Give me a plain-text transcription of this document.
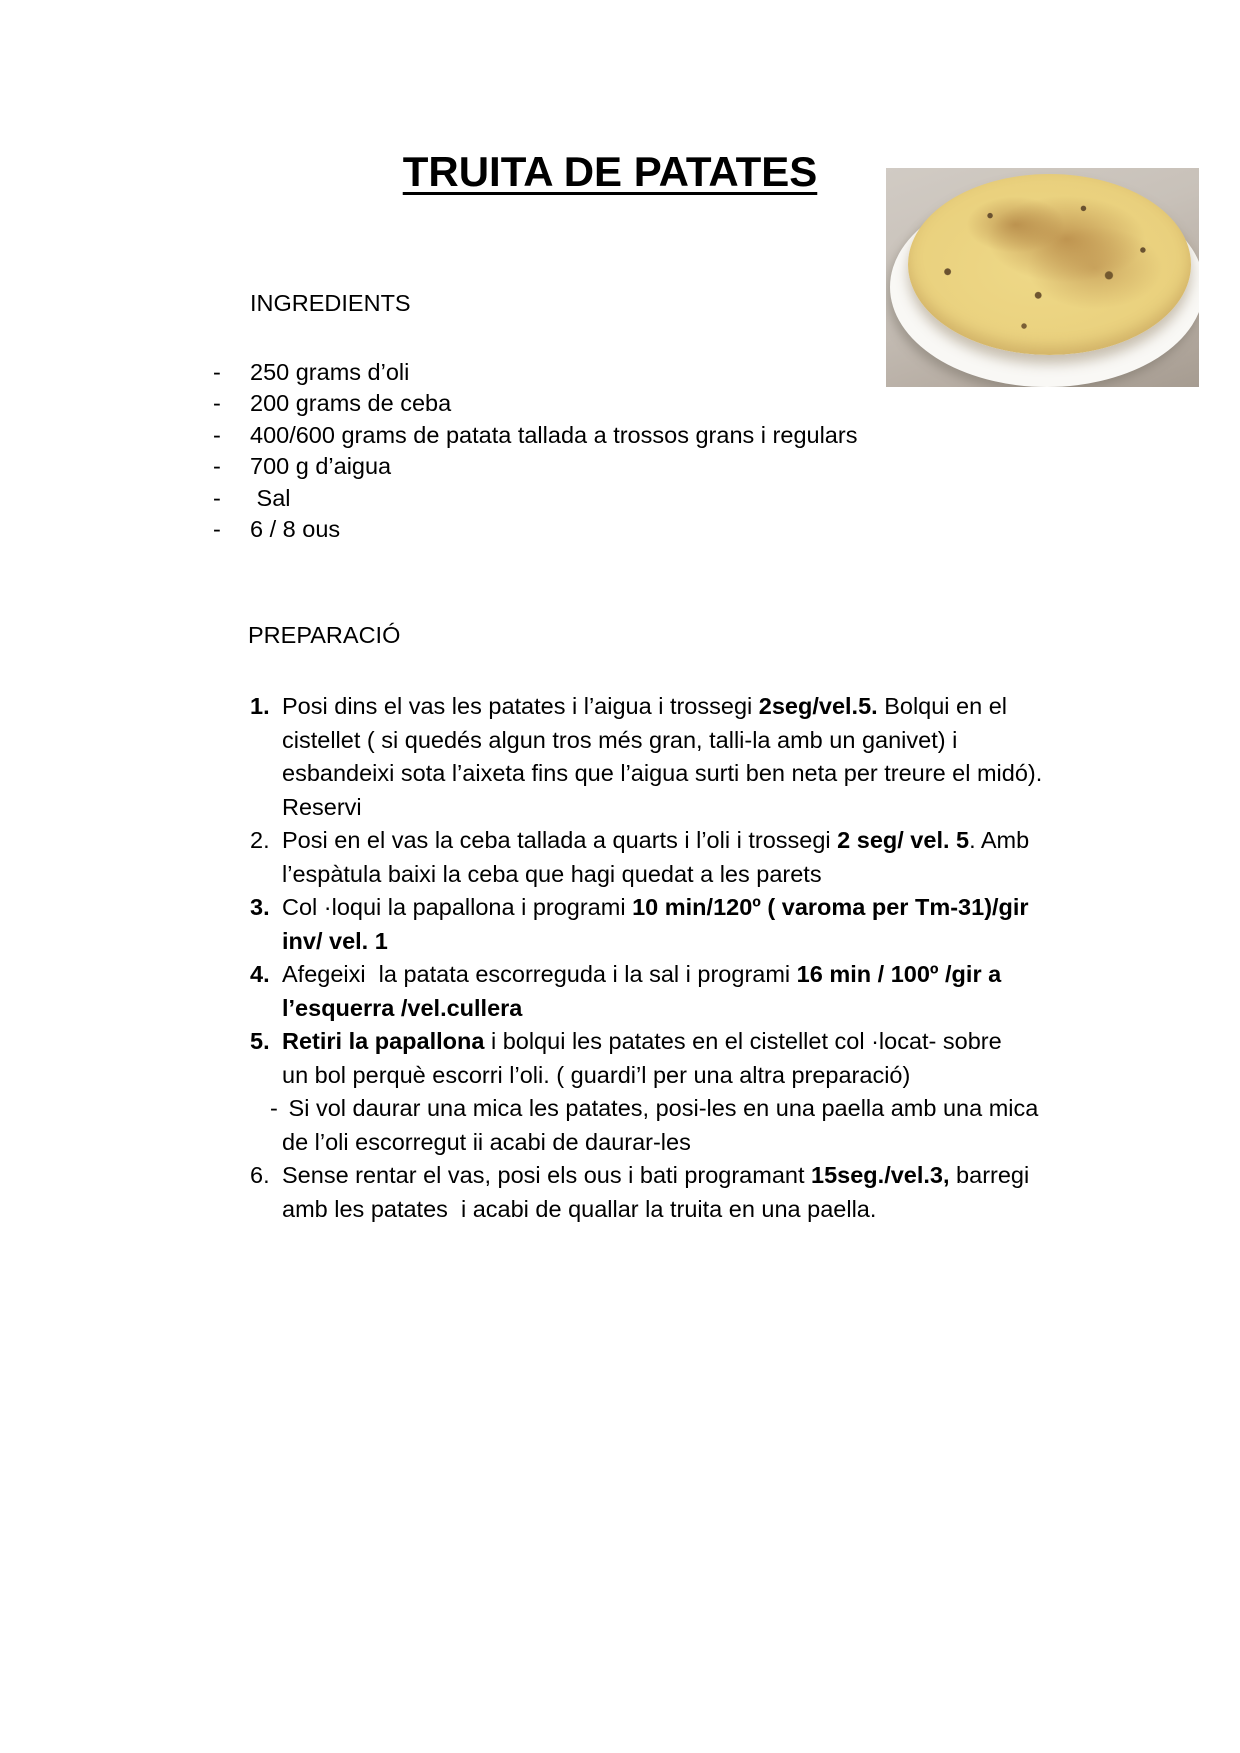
TRUITA DE PATATES
INGREDIENTS
-	250 grams d’oli
-	200 grams de ceba
-	400/600 grams de patata tallada a trossos grans i regulars
-	700 g d’aigua
-	Sal
-	6 / 8 ous
PREPARACIÓ
1. Posi dins el vas les patates i l’aigua i trossegi 2seg/vel.5. Bolqui en el
cistellet ( si quedés algun tros més gran, talli-la amb un ganivet) i
esbandeixi sota l’aixeta fins que l’aigua surti ben neta per treure el midó).
Reservi
2. Posi en el vas la ceba tallada a quarts i l’oli i trossegi 2 seg/ vel. 5. Amb
l’espàtula baixi la ceba que hagi quedat a les parets
3. Col ·loqui la papallona i programi 10 min/120º ( varoma per Tm-31)/gir
inv/ vel. 1
4. Afegeixi  la patata escorreguda i la sal i programi 16 min / 100º /gir a
l’esquerra /vel.cullera
5. Retiri la papallona i bolqui les patates en el cistellet col ·locat- sobre
un bol perquè escorri l’oli. ( guardi’l per una altra preparació)
- Si vol daurar una mica les patates, posi-les en una paella amb una mica
de l’oli escorregut ii acabi de daurar-les
6. Sense rentar el vas, posi els ous i bati programant 15seg./vel.3, barregi
amb les patates  i acabi de quallar la truita en una paella.
